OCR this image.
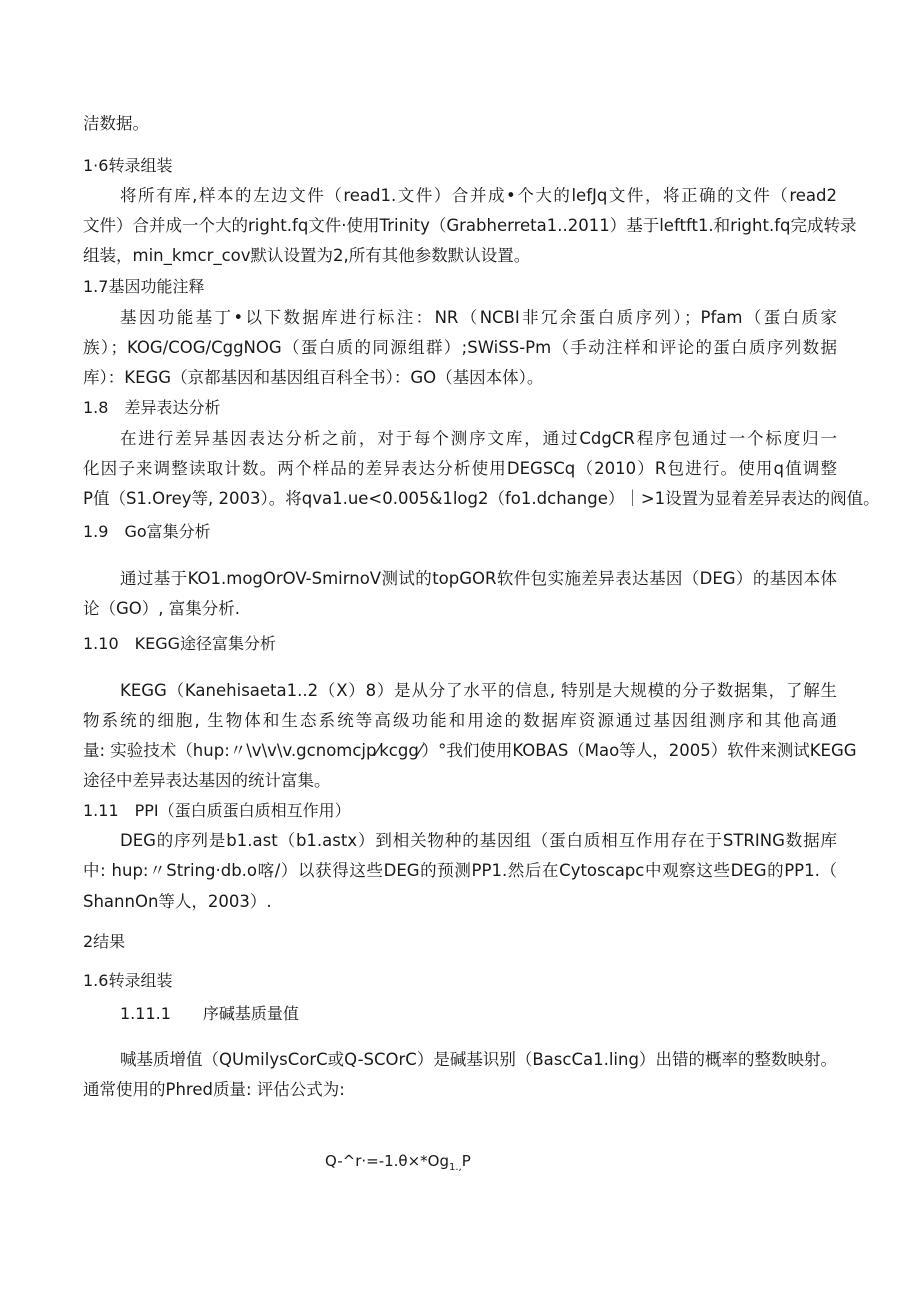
洁数据。
1·6转录组装
将所有库,样本的左边文件（read1.文件）合并成•个大的lefJq文件，将正确的文件（read2
文件）合并成一个大的right.fq文件·使用Trinity（Grabherreta1..2011）基于leftft1.和right.fq完成转录
组装，min_kmcr_cov默认设置为2,所有其他参数默认设置。
1.7基因功能注释
基因功能基丁•以下数据库进行标注：NR（NCBI非冗余蛋白质序列）；Pfam（蛋白质家
族）；KOG/COG/CggNOG（蛋白质的同源组群）;SWiSS-Pm（手动注样和评论的蛋白质序列数据
库）：KEGG（京都基因和基因组百科全书）：GO（基因本体）。
1.8　差异表达分析
在进行差异基因表达分析之前，对于每个测序文库，通过CdgCR程序包通过一个标度归一
化因子来调整读取计数。两个样品的差异表达分析使用DEGSCq（2010）R包进行。使用q值调整
P值（S1.Orey等, 2003）。将qva1.ue<0.005&1log2（fo1.dchange）｜>1设置为显着差异表达的阀值。
1.9　Go富集分析
通过基于KO1.mogOrOV-SmirnoV测试的topGOR软件包实施差异表达基因（DEG）的基因本体
论（GO）, 富集分析.
1.10　KEGG途径富集分析
KEGG（Kanehisaeta1..2（X）8）是从分了水平的信息, 特别是大规模的分子数据集，了解生
物系统的细胞, 生物体和生态系统等高级功能和用途的数据库资源通过基因组测序和其他高通
量: 实验技术（hup:〃\v\v\v.gcnomcjp⁄kcgg⁄）°我们使用KOBAS（Mao等人，2005）软件来测试KEGG
途径中差异表达基因的统计富集。
1.11　PPI（蛋白质蛋白质相互作用）
DEG的序列是b1.ast（b1.astx）到相关物种的基因组（蛋白质相互作用存在于STRING数据库
中: hup:〃String·db.o喀/）以获得这些DEG的预测PP1.然后在Cytoscapc中观察这些DEG的PP1.（
ShannOn等人，2003）.
2结果
1.6转录组装
1.11.1　　序碱基质量值
喊基质增值（QUmilysCorC或Q-SCOrC）是碱基识别（BascCa1.ling）出错的概率的整数映射。
通常使用的Phred质量: 评估公式为:
$Q-\^{}r\cdot=-1.\theta\times*Og_{1.,}P$
